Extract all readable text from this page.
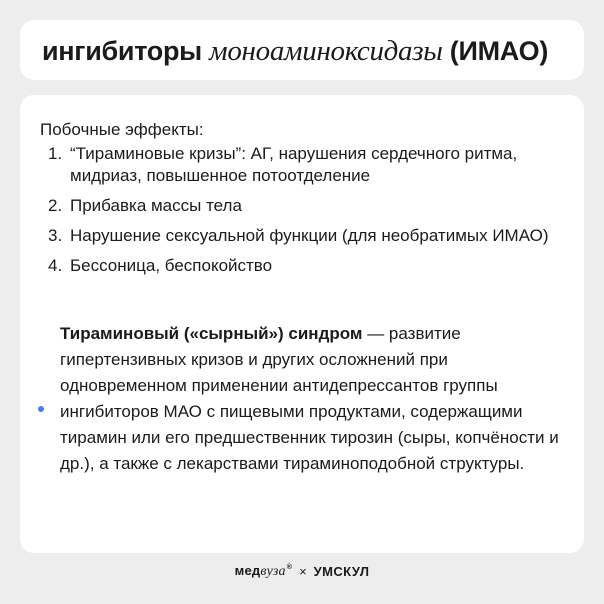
ингибиторы моноаминоксидазы (ИМАО)

Побочные эффекты:

1. “Тираминовые кризы”: АГ, нарушения сердечного ритма, мидриаз, повышенное потоотделение
2. Прибавка массы тела
3. Нарушение сексуальной функции (для необратимых ИМАО)
4. Бессоница, беспокойство

Тираминовый («сырный») синдром — развитие гипертензивных кризов и других осложнений при одновременном применении антидепрессантов группы ингибиторов МАО с пищевыми продуктами, содержащими тирамин или его предшественник тирозин (сыры, копчёности и др.), а также с лекарствами тираминоподобной структуры.

медвуза® × УМСКУЛ
